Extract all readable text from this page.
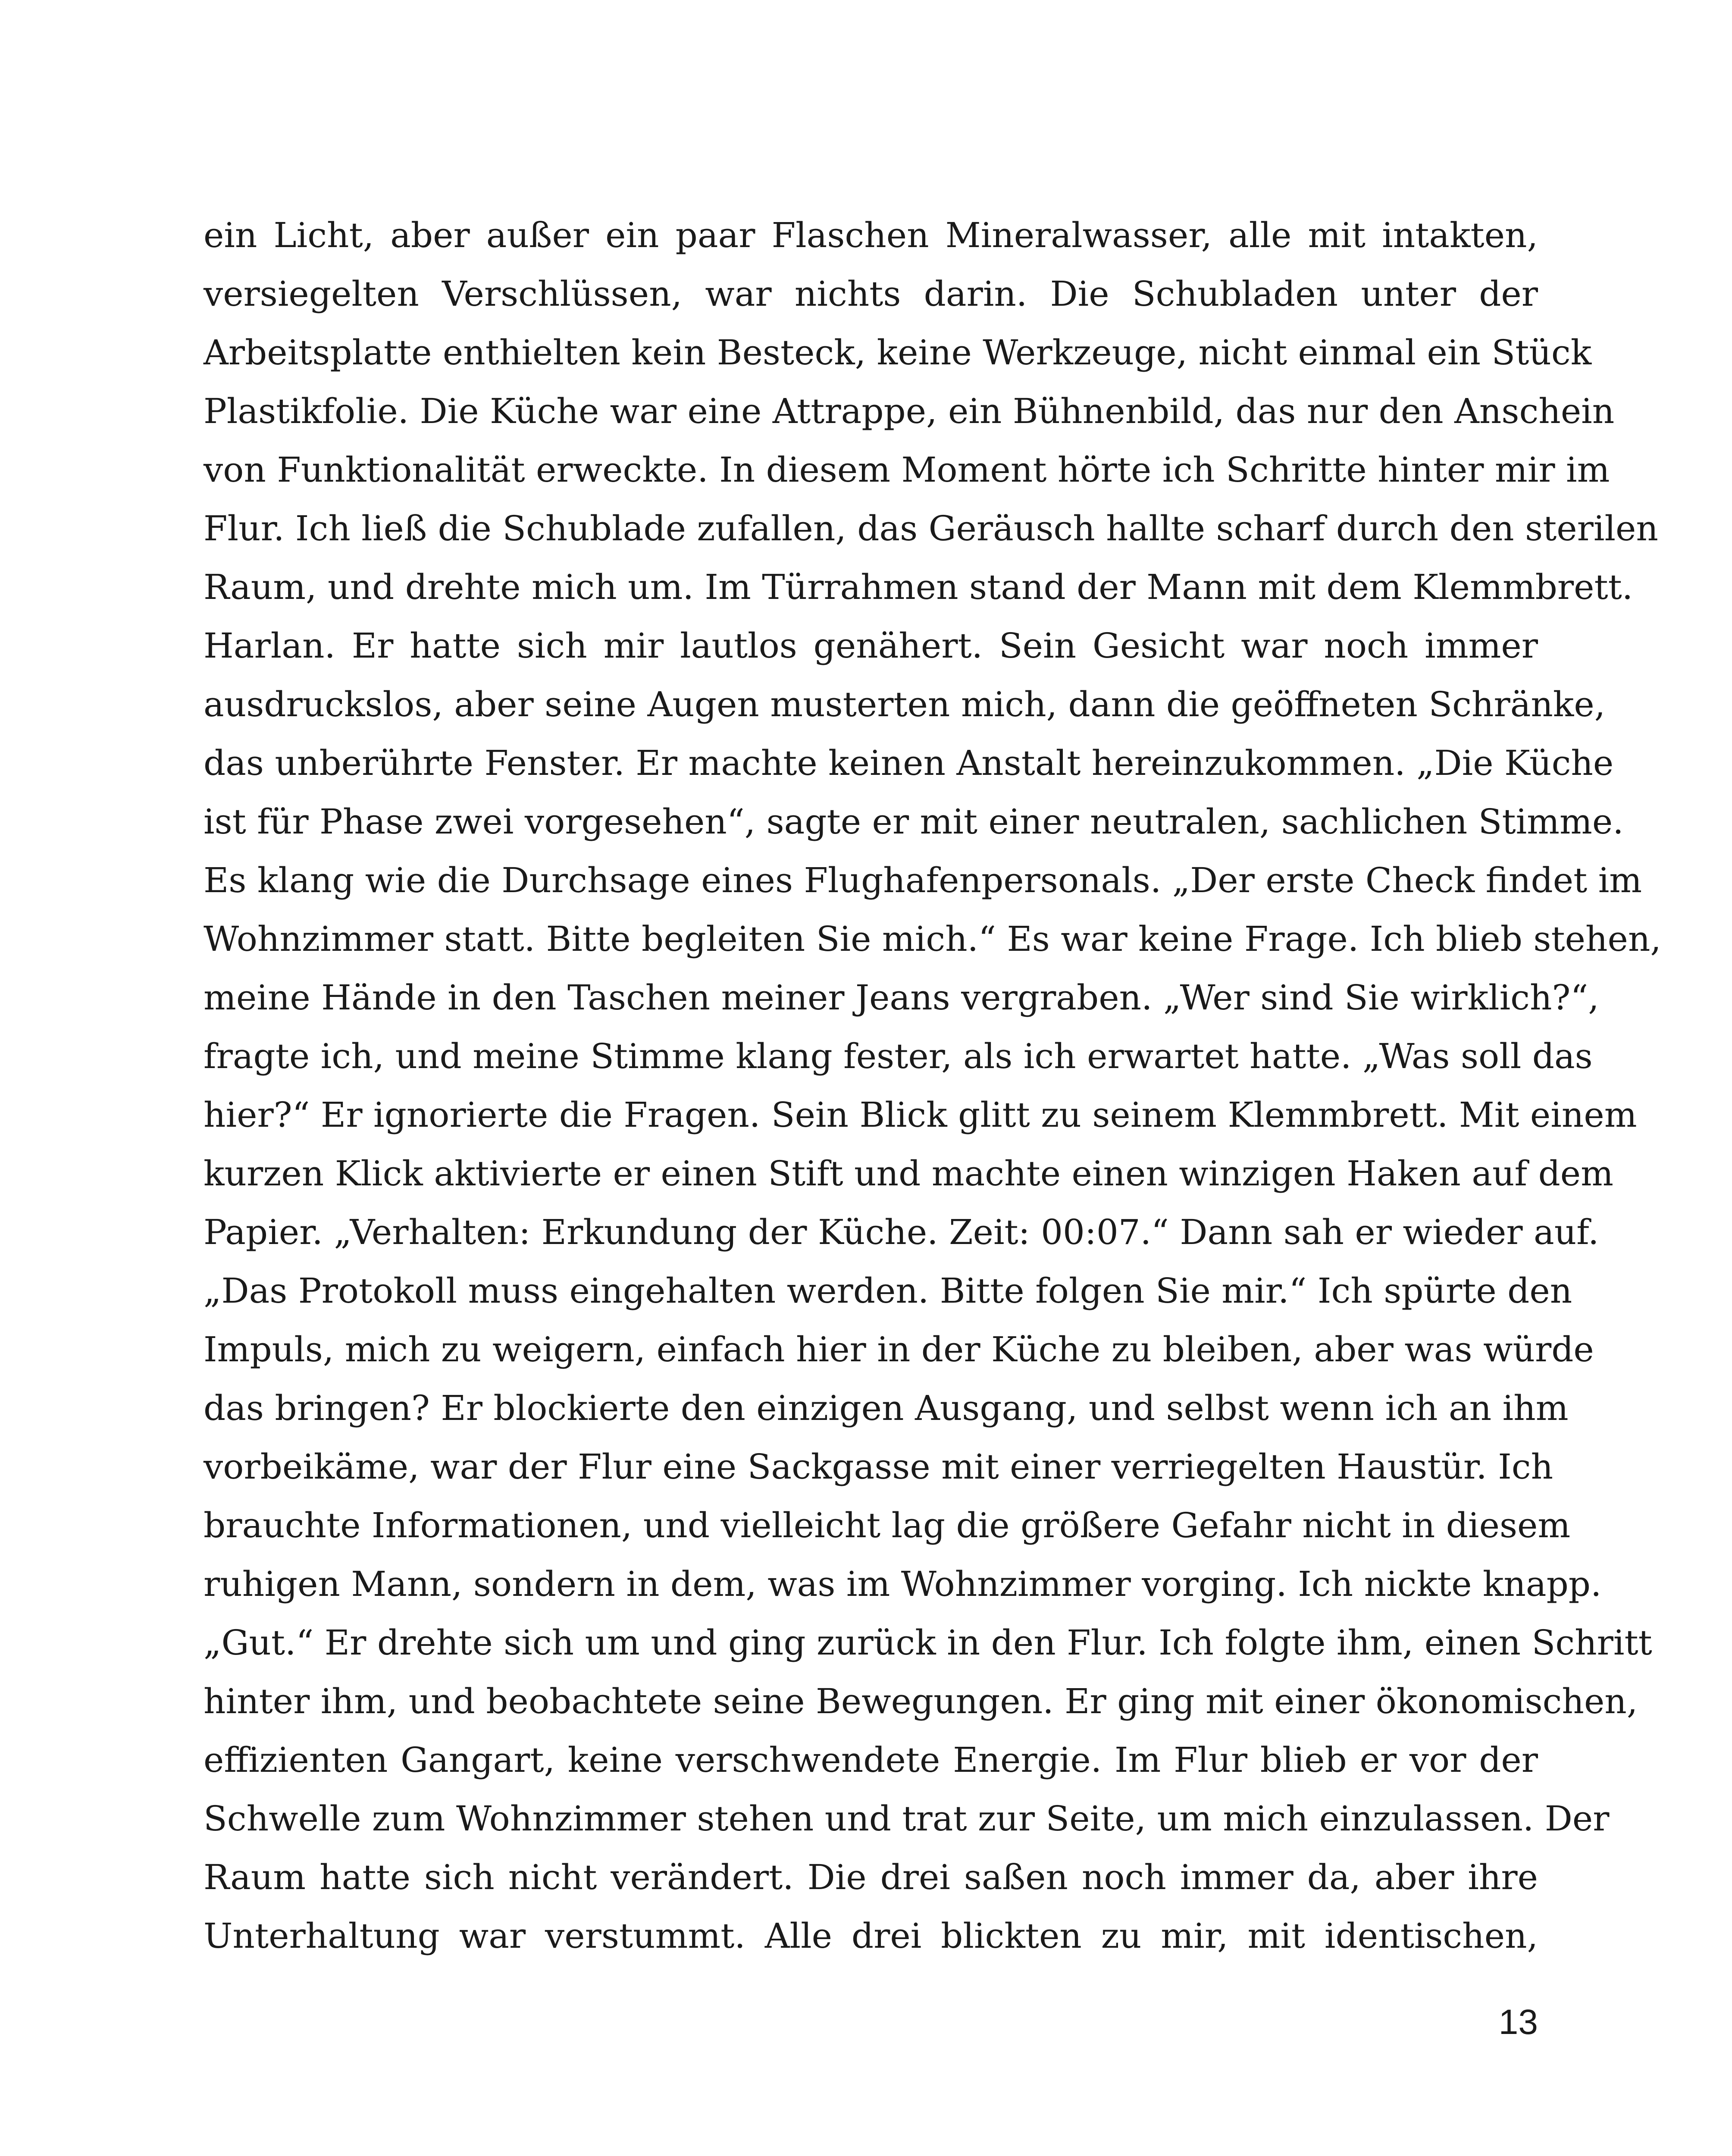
ein Licht, aber außer ein paar Flaschen Mineralwasser, alle mit intakten,
versiegelten Verschlüssen, war nichts darin. Die Schubladen unter der
Arbeitsplatte enthielten kein Besteck, keine Werkzeuge, nicht einmal ein Stück
Plastikfolie. Die Küche war eine Attrappe, ein Bühnenbild, das nur den Anschein
von Funktionalität erweckte. In diesem Moment hörte ich Schritte hinter mir im
Flur. Ich ließ die Schublade zufallen, das Geräusch hallte scharf durch den sterilen
Raum, und drehte mich um. Im Türrahmen stand der Mann mit dem Klemmbrett.
Harlan. Er hatte sich mir lautlos genähert. Sein Gesicht war noch immer
ausdruckslos, aber seine Augen musterten mich, dann die geöffneten Schränke,
das unberührte Fenster. Er machte keinen Anstalt hereinzukommen. „Die Küche
ist für Phase zwei vorgesehen“, sagte er mit einer neutralen, sachlichen Stimme.
Es klang wie die Durchsage eines Flughafenpersonals. „Der erste Check findet im
Wohnzimmer statt. Bitte begleiten Sie mich.“ Es war keine Frage. Ich blieb stehen,
meine Hände in den Taschen meiner Jeans vergraben. „Wer sind Sie wirklich?“,
fragte ich, und meine Stimme klang fester, als ich erwartet hatte. „Was soll das
hier?“ Er ignorierte die Fragen. Sein Blick glitt zu seinem Klemmbrett. Mit einem
kurzen Klick aktivierte er einen Stift und machte einen winzigen Haken auf dem
Papier. „Verhalten: Erkundung der Küche. Zeit: 00:07.“ Dann sah er wieder auf.
„Das Protokoll muss eingehalten werden. Bitte folgen Sie mir.“ Ich spürte den
Impuls, mich zu weigern, einfach hier in der Küche zu bleiben, aber was würde
das bringen? Er blockierte den einzigen Ausgang, und selbst wenn ich an ihm
vorbeikäme, war der Flur eine Sackgasse mit einer verriegelten Haustür. Ich
brauchte Informationen, und vielleicht lag die größere Gefahr nicht in diesem
ruhigen Mann, sondern in dem, was im Wohnzimmer vorging. Ich nickte knapp.
„Gut.“ Er drehte sich um und ging zurück in den Flur. Ich folgte ihm, einen Schritt
hinter ihm, und beobachtete seine Bewegungen. Er ging mit einer ökonomischen,
effizienten Gangart, keine verschwendete Energie. Im Flur blieb er vor der
Schwelle zum Wohnzimmer stehen und trat zur Seite, um mich einzulassen. Der
Raum hatte sich nicht verändert. Die drei saßen noch immer da, aber ihre
Unterhaltung war verstummt. Alle drei blickten zu mir, mit identischen,
13
